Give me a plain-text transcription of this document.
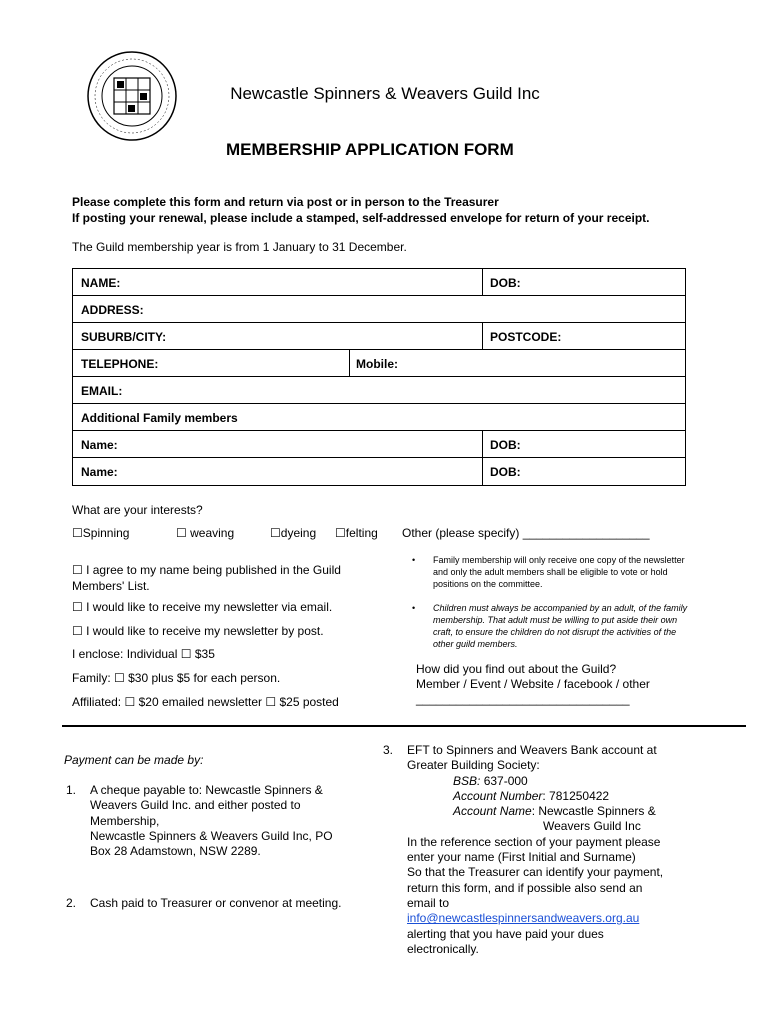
Newcastle Spinners & Weavers Guild Inc
MEMBERSHIP APPLICATION FORM
Please complete this form and return via post or in person to the Treasurer
If posting your renewal, please include a stamped, self-addressed envelope for return of your receipt.
The Guild membership year is from 1 January to 31 December.
NAME:	DOB:
ADDRESS:
SUBURB/CITY:	POSTCODE:
TELEPHONE:	Mobile:
EMAIL:
Additional Family members
Name:	DOB:
Name:	DOB:
What are your interests?
☐Spinning	☐ weaving	☐dyeing ☐felting Other (please specify) ___________________
☐ I agree to my name being published in the Guild Members' List.
☐ I would like to receive my newsletter via email.
☐ I would like to receive my newsletter by post.
I enclose: Individual ☐ $35
Family: ☐ $30 plus $5 for each person.
Affiliated: ☐ $20 emailed newsletter ☐ $25 posted
• Family membership will only receive one copy of the newsletter and only the adult members shall be eligible to vote or hold positions on the committee.
• Children must always be accompanied by an adult, of the family membership. That adult must be willing to put aside their own craft, to ensure the children do not disrupt the activities of the other guild members.
How did you find out about the Guild?
Member / Event / Website / facebook / other
________________________________
Payment can be made by:
1. A cheque payable to: Newcastle Spinners &

Weavers Guild Inc. and either posted to

Membership,

Newcastle Spinners & Weavers Guild Inc, PO

Box 28 Adamstown, NSW 2289.

2. Cash paid to Treasurer or convenor at meeting.
3. EFT to Spinners and Weavers Bank account at

Greater Building Society:

BSB: 637-000

Account Number: 781250422

Account Name: Newcastle Spinners &

Weavers Guild Inc

In the reference section of your payment please

enter your name (First Initial and Surname)

So that the Treasurer can identify your payment,

return this form, and if possible also send an

email to

info@newcastlespinnersandweavers.org.au

alerting that you have paid your dues

electronically.
